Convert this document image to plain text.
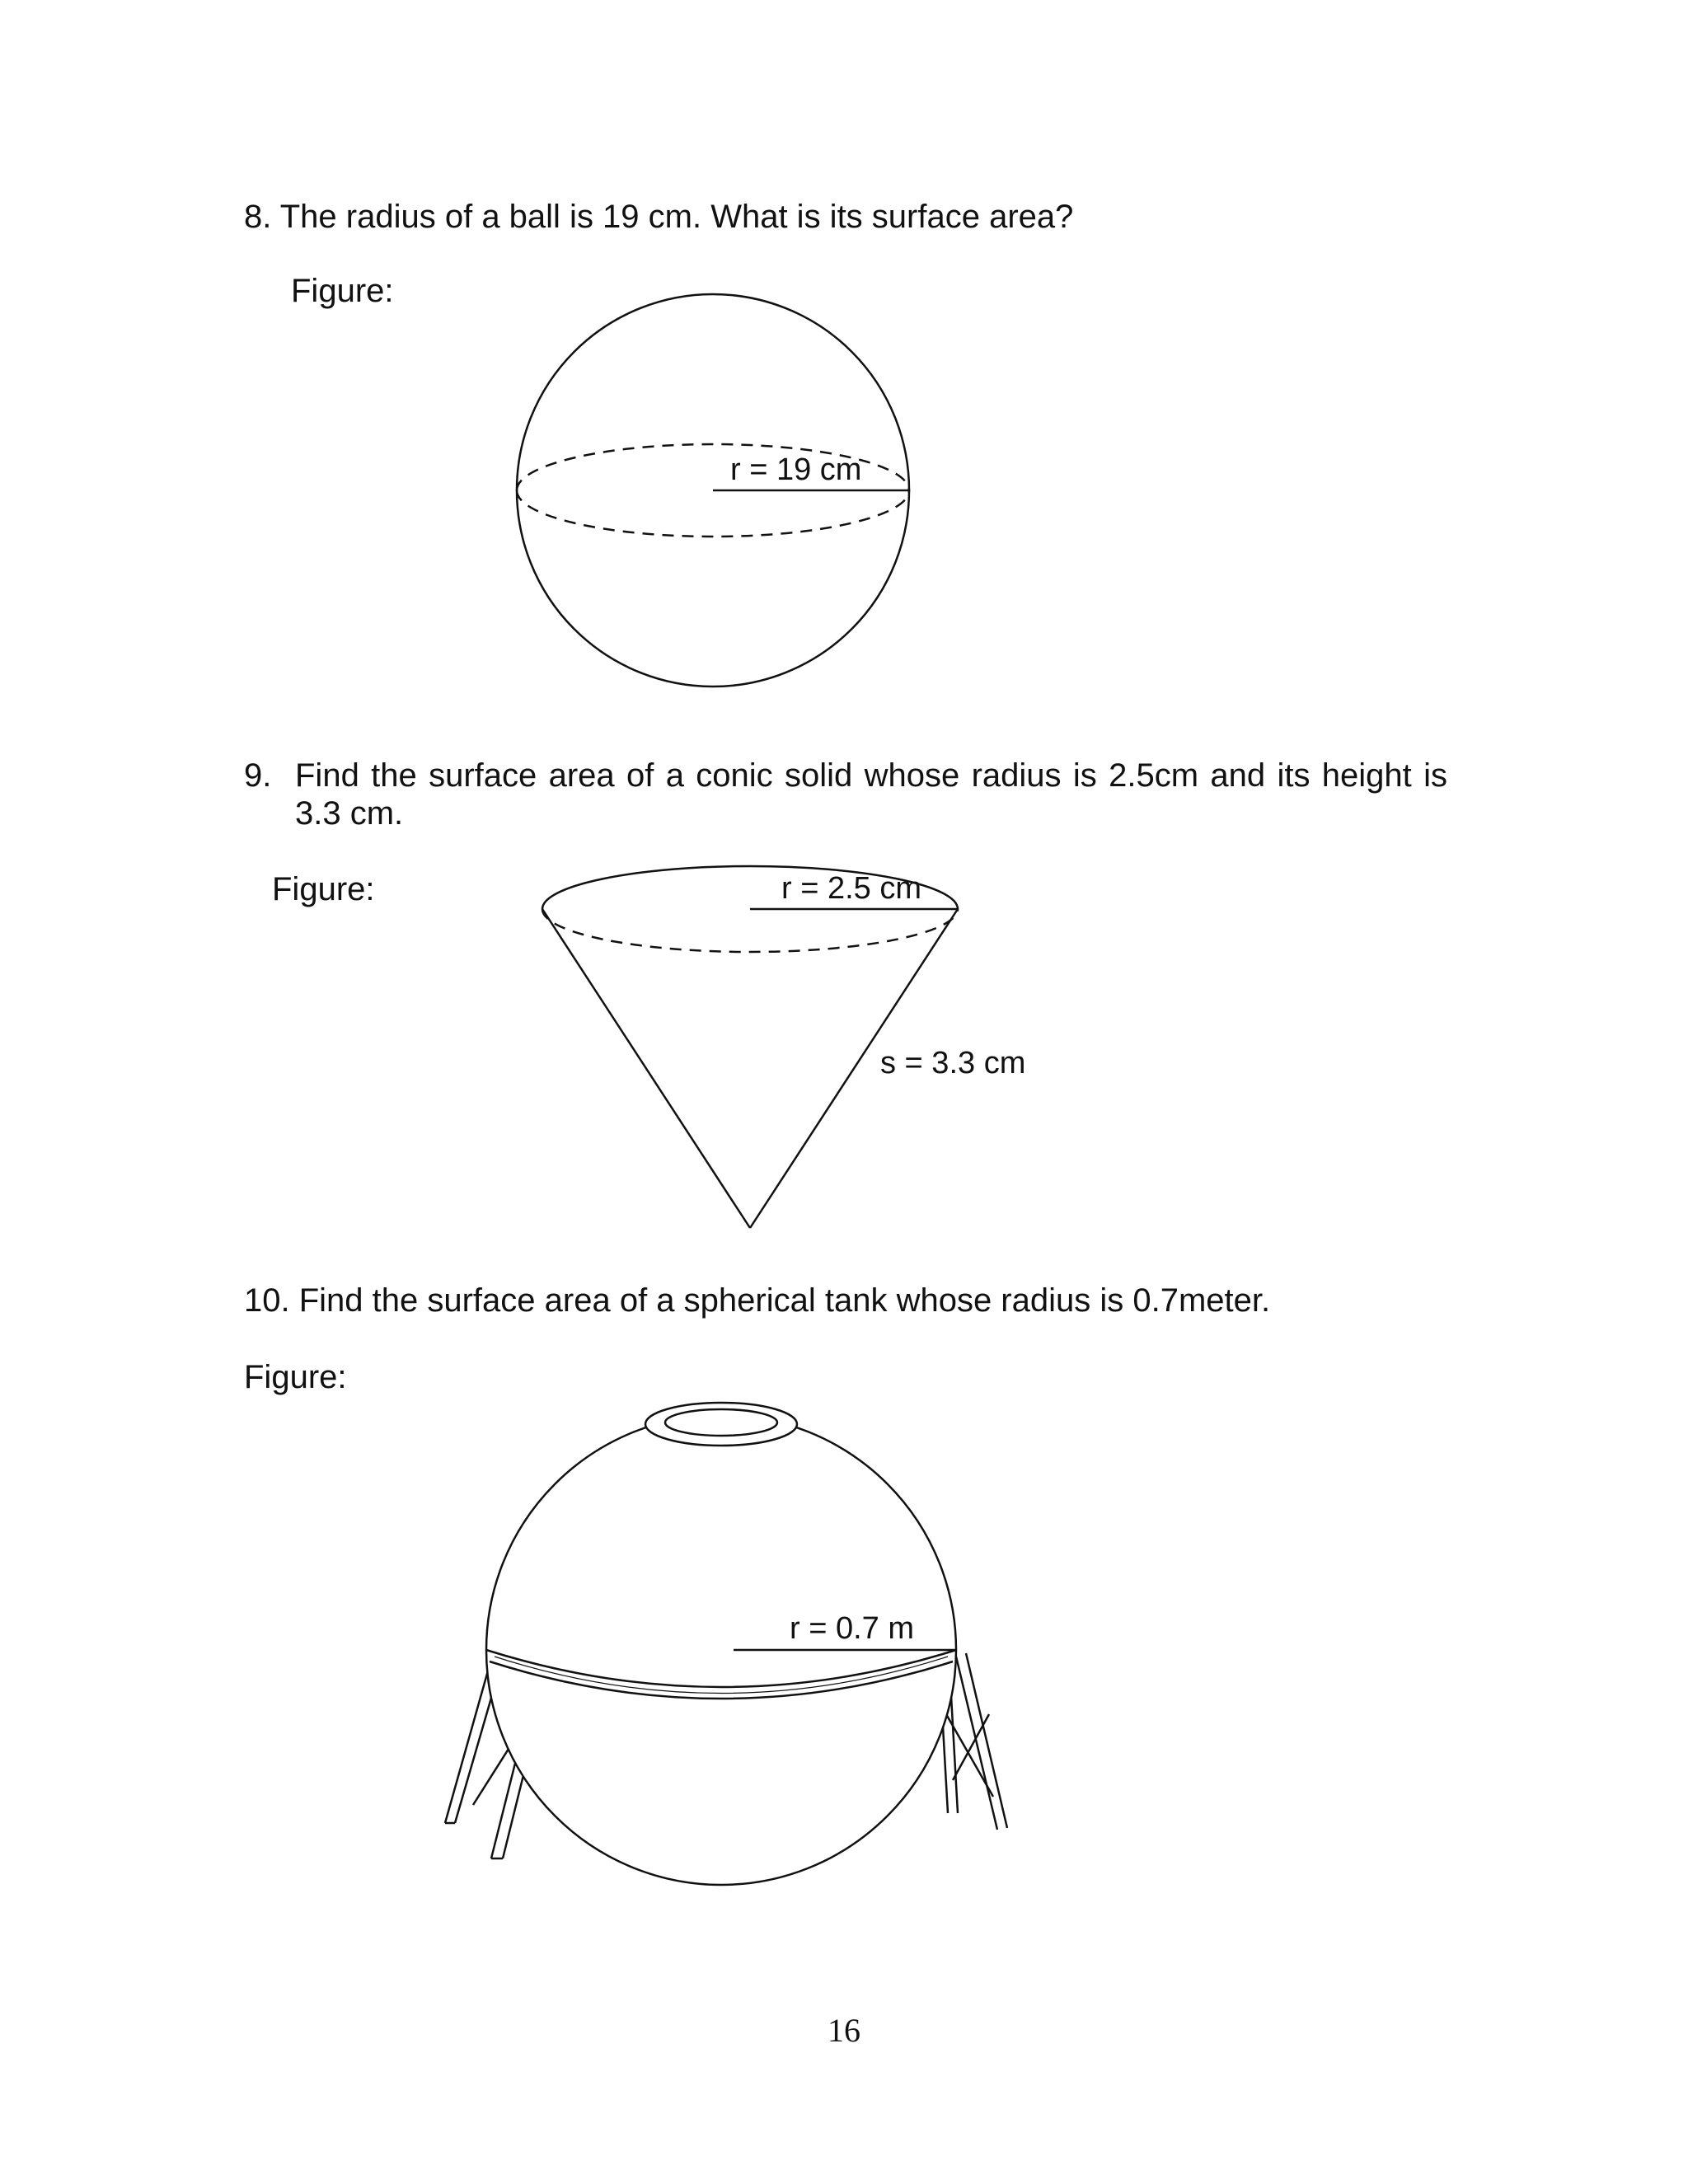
8. The radius of a ball is 19 cm. What is its surface area?
Figure:
9. Find the surface area of a conic solid whose radius is 2.5cm and its height is 3.3 cm.
Figure:
10. Find the surface area of a spherical tank whose radius is 0.7meter.
Figure:
r = 19 cm
r = 2.5 cm
s = 3.3 cm
r = 0.7 m
16
